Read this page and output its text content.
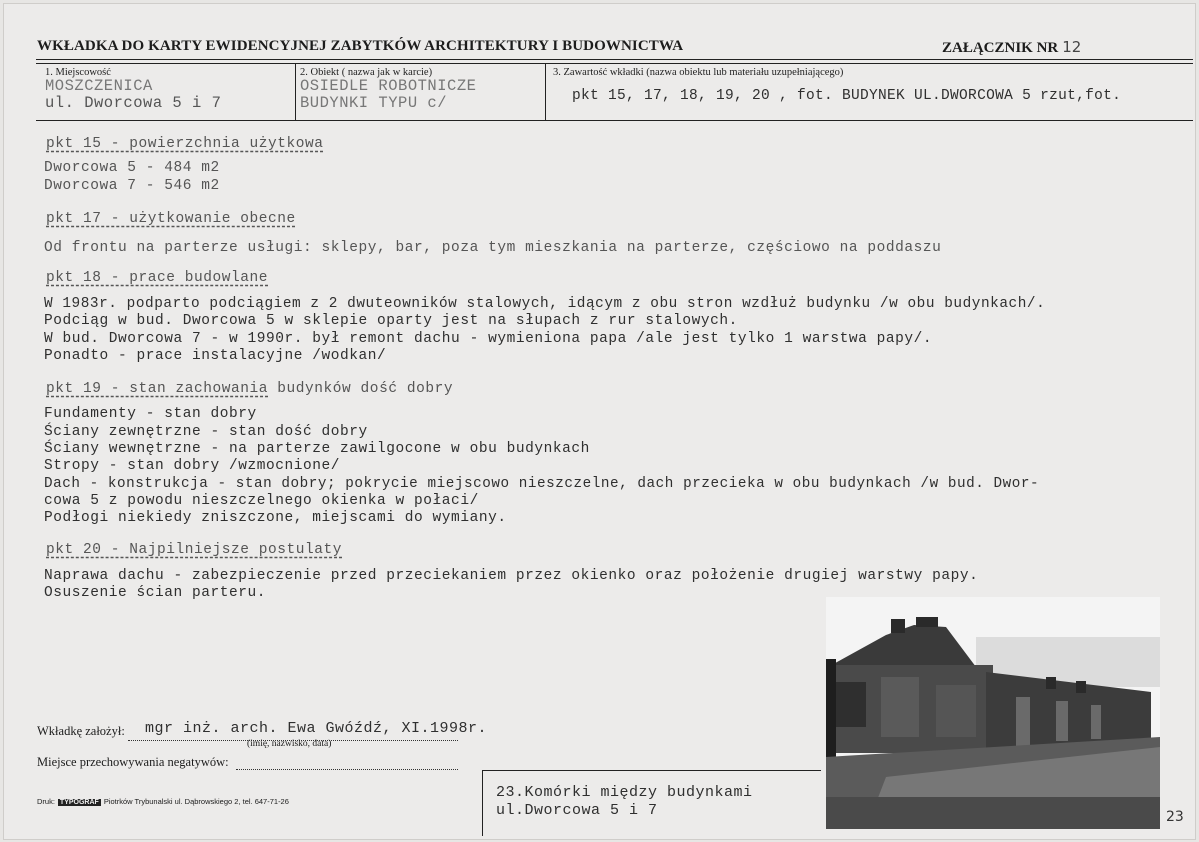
WKŁADKA DO KARTY EWIDENCYJNEJ ZABYTKÓW ARCHITEKTURY I BUDOWNICTWA	ZAŁĄCZNIK NR 12
1. Miejscowość
MOSZCZENICA
ul. Dworcowa 5 i 7
2. Obiekt ( nazwa jak w karcie)
OSIEDLE ROBOTNICZE
BUDYNKI TYPU c/
3. Zawartość wkładki (nazwa obiektu lub materiału uzupełniającego)
pkt 15, 17, 18, 19, 20 , fot. BUDYNEK UL.DWORCOWA 5 rzut,fot.
pkt 15 - powierzchnia użytkowa
Dworcowa 5 - 484 m2
Dworcowa 7 - 546 m2
pkt 17 - użytkowanie obecne
Od frontu na parterze usługi: sklepy, bar, poza tym mieszkania na parterze, częściowo na poddaszu
pkt 18 - prace budowlane
W 1983r. podparto podciągiem z 2 dwuteowników stalowych, idącym z obu stron wzdłuż budynku /w obu budynkach/.
Podciąg w bud. Dworcowa 5 w sklepie oparty jest na słupach z rur stalowych.
W bud. Dworcowa 7 - w 1990r. był remont dachu - wymieniona papa /ale jest tylko 1 warstwa papy/.
Ponadto - prace instalacyjne /wodkan/
pkt 19 - stan zachowania budynków dość dobry
Fundamenty - stan dobry
Ściany zewnętrzne - stan dość dobry
Ściany wewnętrzne - na parterze zawilgocone w obu budynkach
Stropy - stan dobry /wzmocnione/
Dach - konstrukcja - stan dobry; pokrycie miejscowo nieszczelne, dach przecieka w obu budynkach /w bud. Dwor-
cowa 5 z powodu nieszczelnego okienka w połaci/
Podłogi niekiedy zniszczone, miejscami do wymiany.
pkt 20 - Najpilniejsze postulaty
Naprawa dachu - zabezpieczenie przed przeciekaniem przez okienko oraz położenie drugiej warstwy papy.
Osuszenie ścian parteru.
Wkładkę założył: mgr inż. arch. Ewa Gwóźdź, XI.1998r.
(imię, nazwisko, data)
Miejsce przechowywania negatywów:
Druk: TYPOGRAF Piotrków Trybunalski ul. Dąbrowskiego 2, tel. 647-71-26
23.Komórki między budynkami
ul.Dworcowa 5 i 7	23
